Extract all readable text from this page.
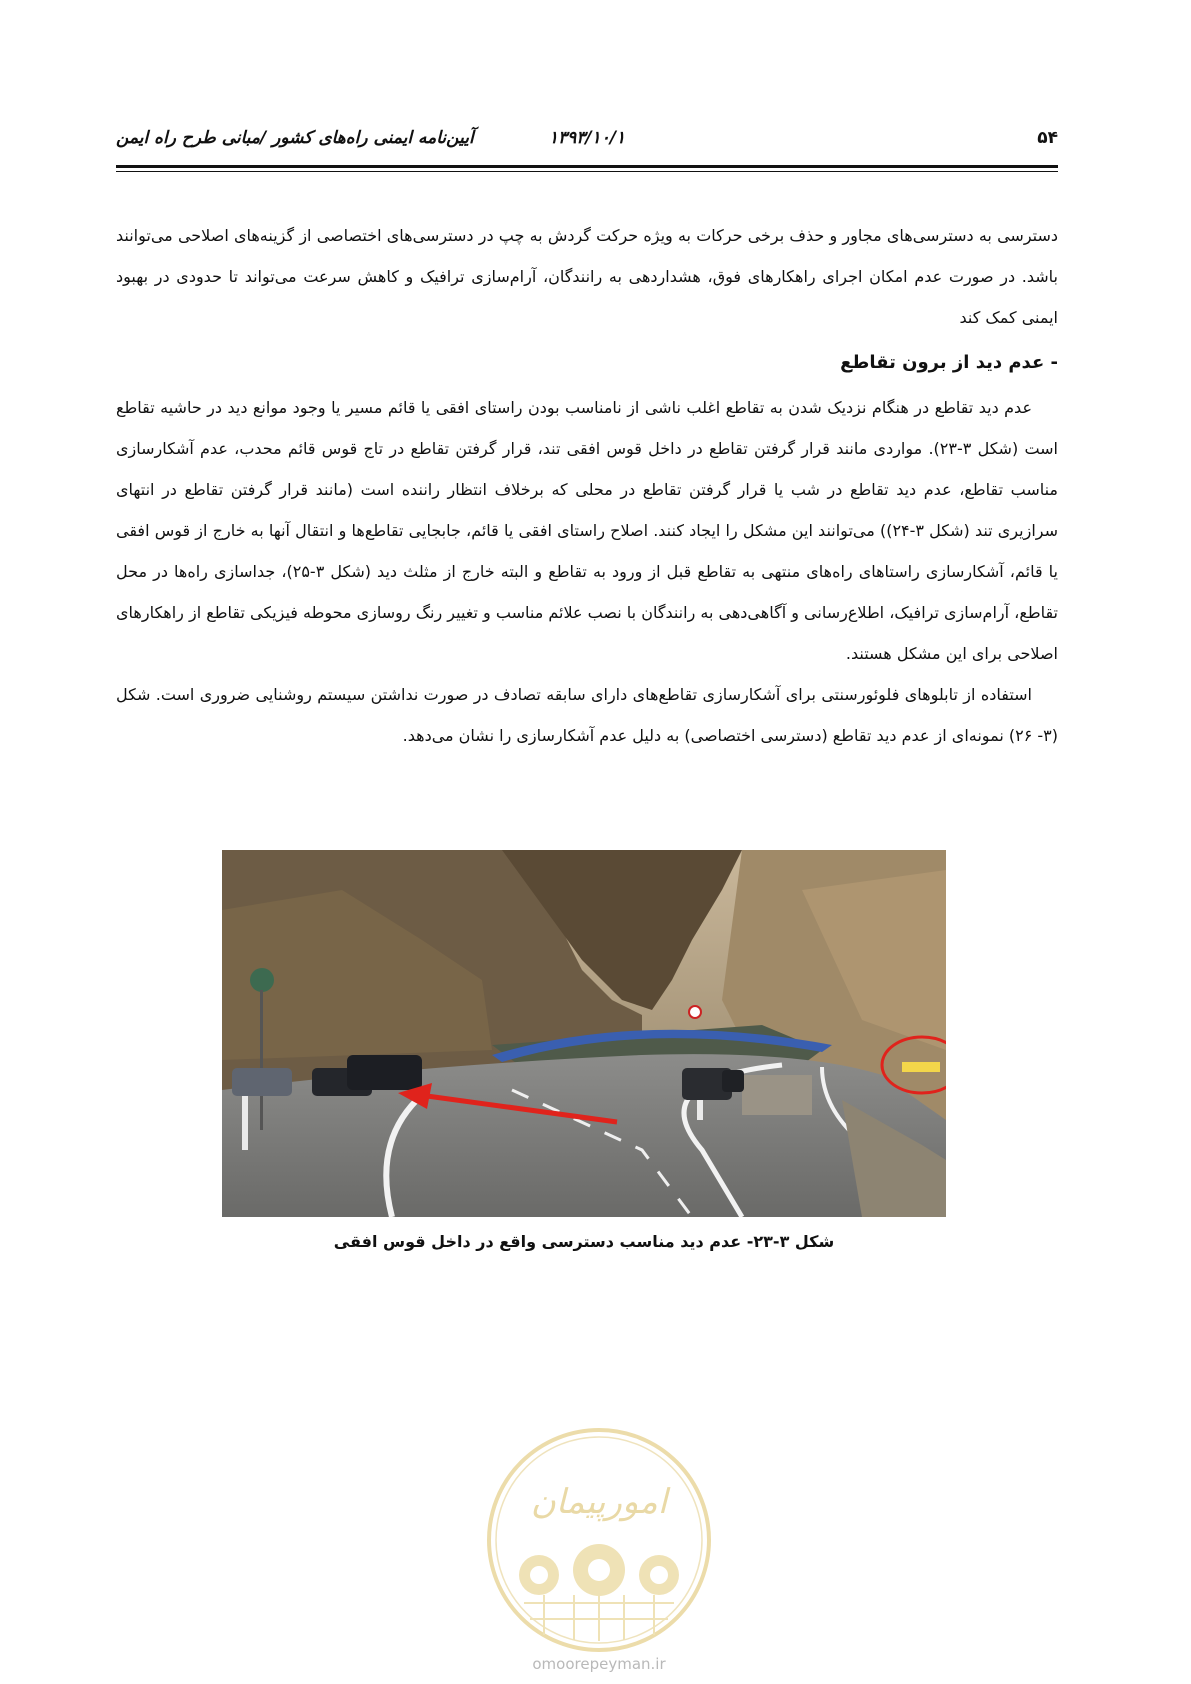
۵۴
۱۳۹۳/۱۰/۱
آیین‌نامه ایمنی راه‌های کشور /مبانی طرح راه ایمن

دسترسی به دسترسی‌های مجاور و حذف برخی حرکات به ویژه حرکت گردش به چپ در دسترسی‌های اختصاصی از گزینه‌های اصلاحی می‌توانند باشد. در صورت عدم امکان اجرای راهکارهای فوق، هشداردهی به رانندگان، آرام‌سازی ترافیک و کاهش سرعت می‌تواند تا حدودی در بهبود ایمنی کمک کند

- عدم دید از برون تقاطع

عدم دید تقاطع در هنگام نزدیک شدن به تقاطع اغلب ناشی از نامناسب بودن راستای افقی یا قائم مسیر یا وجود موانع دید در حاشیه تقاطع است (شکل ۳-۲۳). مواردی مانند قرار گرفتن تقاطع در داخل قوس افقی تند، قرار گرفتن تقاطع در تاج قوس قائم محدب، عدم آشکارسازی مناسب تقاطع، عدم دید تقاطع در شب یا قرار گرفتن تقاطع در محلی که برخلاف انتظار راننده است (مانند قرار گرفتن تقاطع در انتهای سرازیری تند (شکل ۳-۲۴)) می‌توانند این مشکل را ایجاد کنند. اصلاح راستای افقی یا قائم، جابجایی تقاطع‌ها و انتقال آنها به خارج از قوس افقی یا قائم، آشکارسازی راستاهای راه‌های منتهی به تقاطع قبل از ورود به تقاطع و البته خارج از مثلث دید (شکل ۳-۲۵)، جداسازی راه‌ها در محل تقاطع، آرام‌سازی ترافیک، اطلاع‌رسانی و آگاهی‌دهی به رانندگان با نصب علائم مناسب و تغییر رنگ روسازی محوطه فیزیکی تقاطع از راهکارهای اصلاحی برای این مشکل هستند.

استفاده از تابلوهای فلوئورسنتی برای آشکارسازی تقاطع‌های دارای سابقه تصادف در صورت نداشتن سیستم روشنایی ضروری است. شکل (۳- ۲۶) نمونه‌ای از عدم دید تقاطع (دسترسی اختصاصی) به دلیل عدم آشکارسازی را نشان می‌دهد.

شکل ۳-۲۳- عدم دید مناسب دسترسی واقع در داخل قوس افقی
امورپیمان
omoorepeyman.ir
